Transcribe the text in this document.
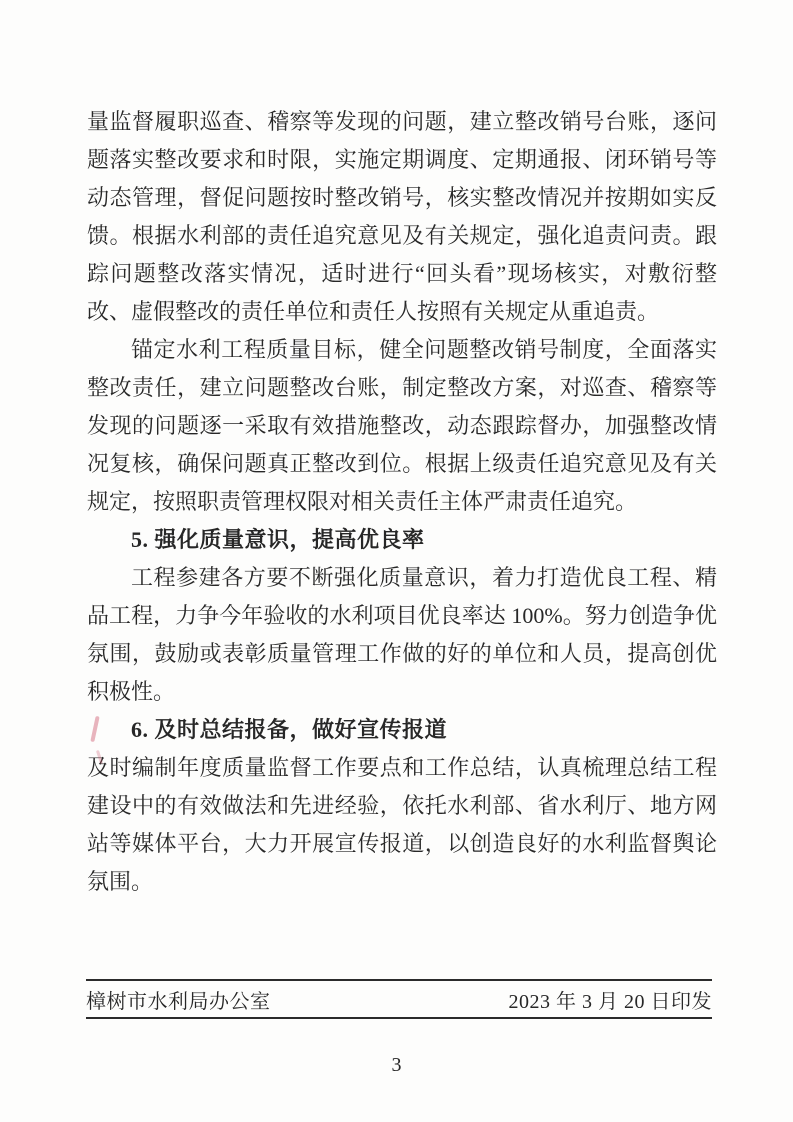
量监督履职巡查、稽察等发现的问题，建立整改销号台账，逐问题落实整改要求和时限，实施定期调度、定期通报、闭环销号等动态管理，督促问题按时整改销号，核实整改情况并按期如实反馈。根据水利部的责任追究意见及有关规定，强化追责问责。跟踪问题整改落实情况，适时进行“回头看”现场核实，对敷衍整改、虚假整改的责任单位和责任人按照有关规定从重追责。

锚定水利工程质量目标，健全问题整改销号制度，全面落实整改责任，建立问题整改台账，制定整改方案，对巡查、稽察等发现的问题逐一采取有效措施整改，动态跟踪督办，加强整改情况复核，确保问题真正整改到位。根据上级责任追究意见及有关规定，按照职责管理权限对相关责任主体严肃责任追究。

5. 强化质量意识，提高优良率

工程参建各方要不断强化质量意识，着力打造优良工程、精品工程，力争今年验收的水利项目优良率达 100%。努力创造争优氛围，鼓励或表彰质量管理工作做的好的单位和人员，提高创优积极性。

6. 及时总结报备，做好宣传报道

及时编制年度质量监督工作要点和工作总结，认真梳理总结工程建设中的有效做法和先进经验，依托水利部、省水利厅、地方网站等媒体平台，大力开展宣传报道，以创造良好的水利监督舆论氛围。

樟树市水利局办公室	2023 年 3 月 20 日印发
3
